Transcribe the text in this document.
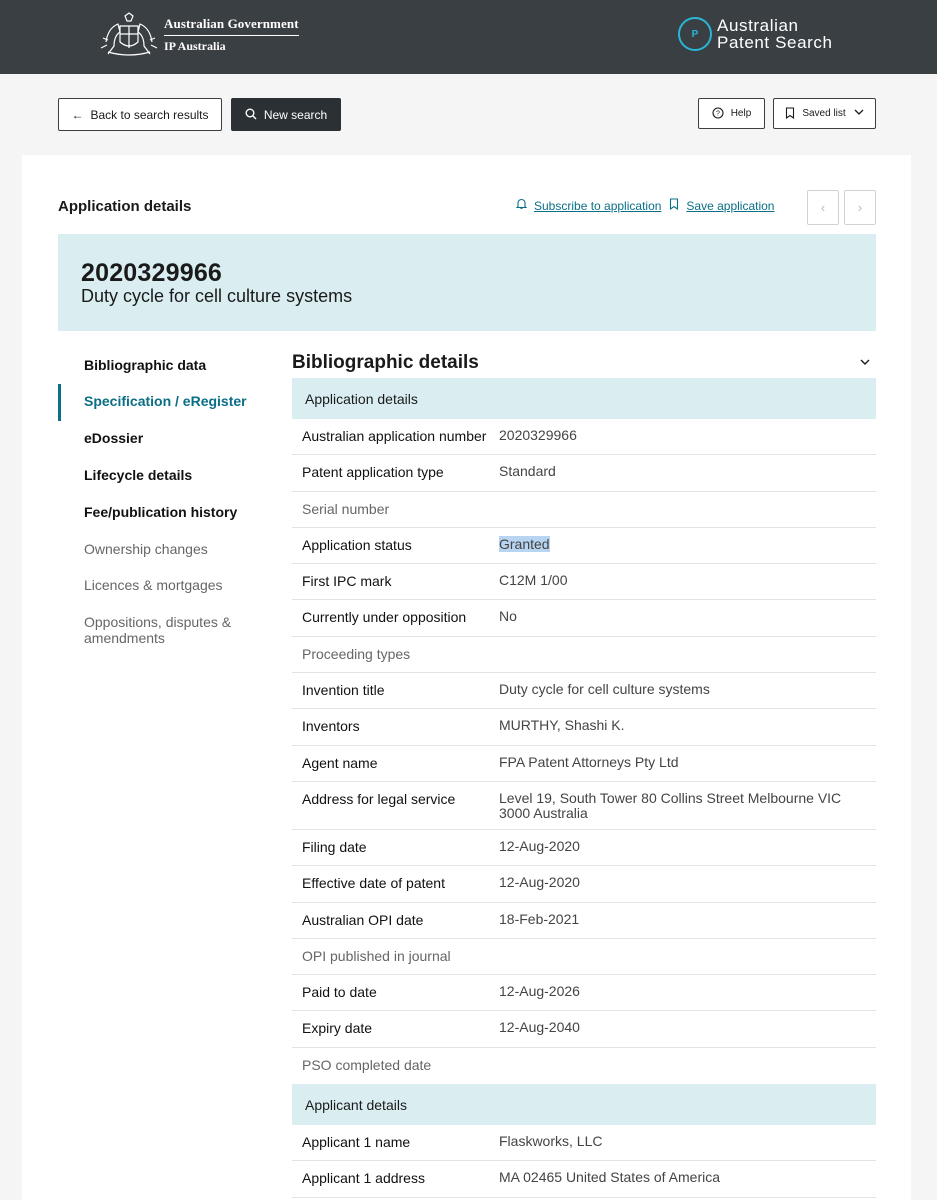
Australian Government
IP Australia
P	Australian
Patent Search
← Back to search results	New search	? Help	Saved list
Application details	Subscribe to application Save application	‹	›
2020329966
Duty cycle for cell culture systems
Bibliographic data
Specification / eRegister
eDossier
Lifecycle details
Fee/publication history
Ownership changes
Licences & mortgages
Oppositions, disputes & amendments
Bibliographic details
Application details
Australian application number 2020329966
Patent application type	Standard
Serial number
Application status	Granted
First IPC mark	C12M 1/00
Currently under opposition	No
Proceeding types
Invention title	Duty cycle for cell culture systems
Inventors	MURTHY, Shashi K.
Agent name	FPA Patent Attorneys Pty Ltd
Address for legal service	Level 19, South Tower 80 Collins Street Melbourne VIC 3000 Australia
Filing date	12-Aug-2020
Effective date of patent	12-Aug-2020
Australian OPI date	18-Feb-2021
OPI published in journal
Paid to date	12-Aug-2026
Expiry date	12-Aug-2040
PSO completed date
Applicant details
Applicant 1 name	Flaskworks, LLC
Applicant 1 address	MA 02465 United States of America
